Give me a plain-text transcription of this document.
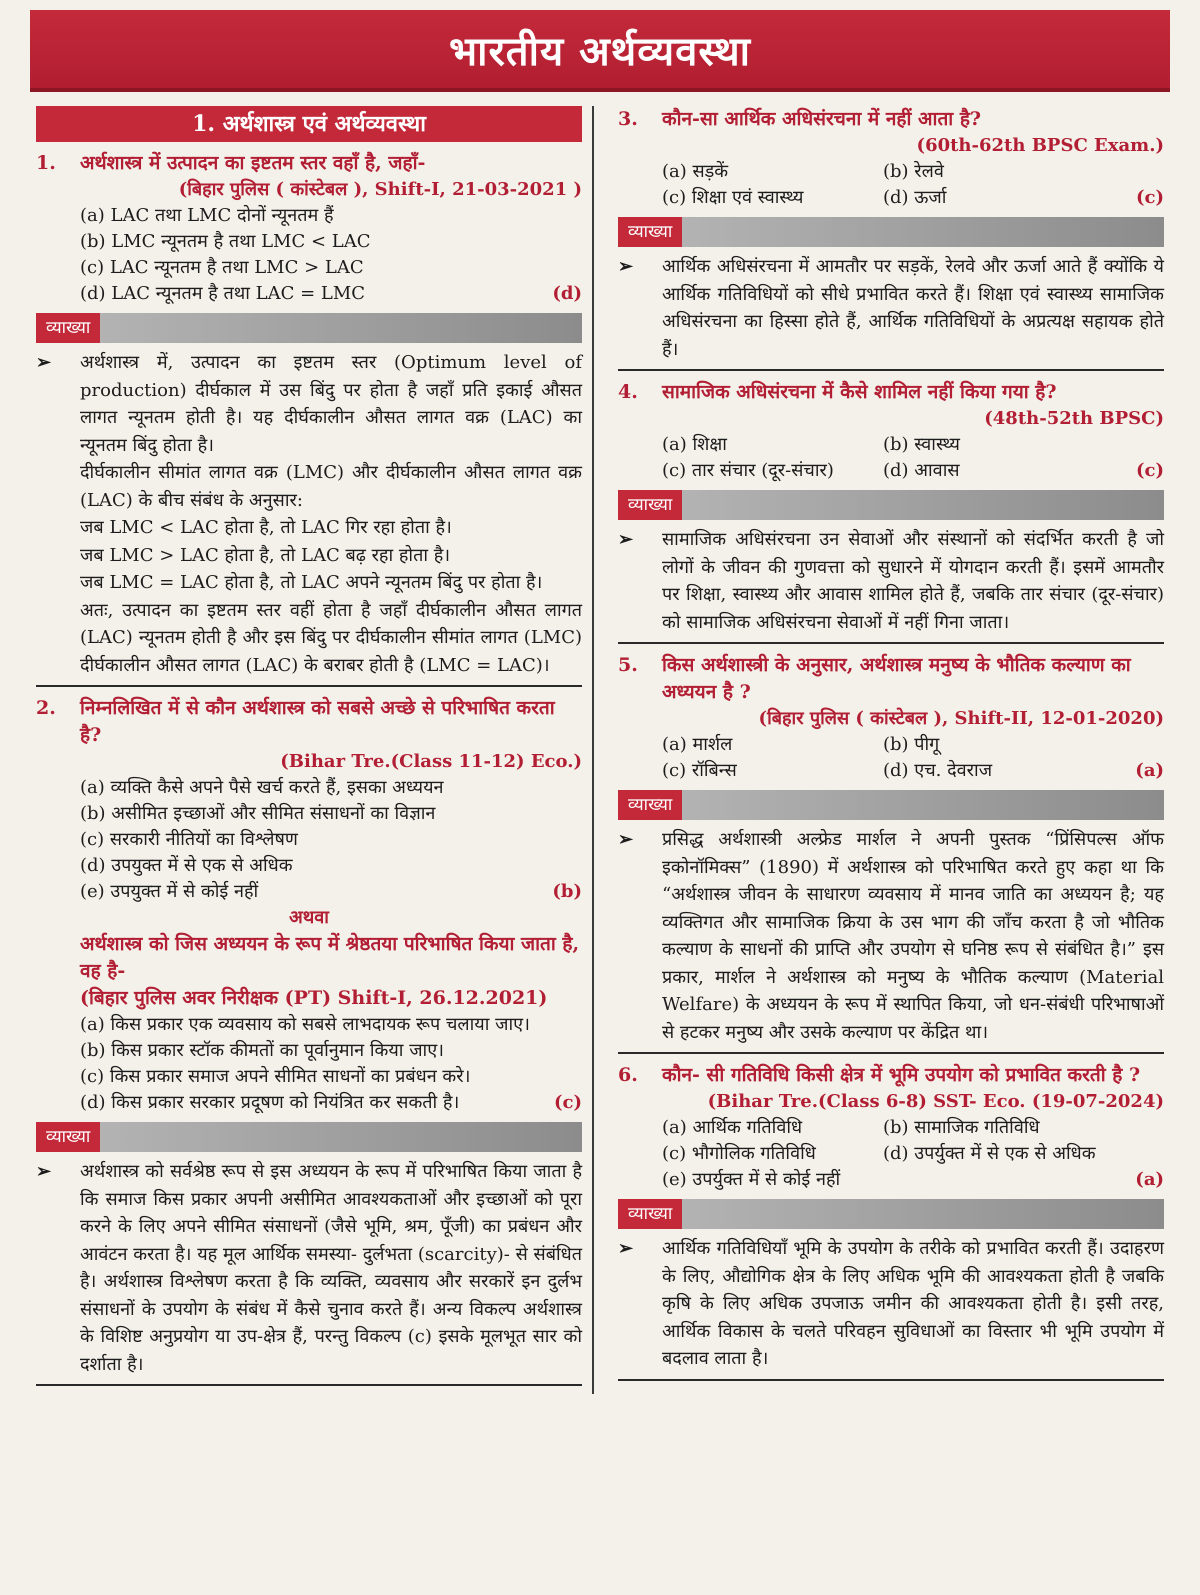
भारतीय अर्थव्यवस्था
1. अर्थशास्त्र एवं अर्थव्यवस्था
1.	अर्थशास्त्र में उत्पादन का इष्टतम स्तर वहाँ है, जहाँ-
(बिहार पुलिस ( कांस्टेबल ), Shift-I, 21-03-2021 )
(a) LAC तथा LMC दोनों न्यूनतम हैं
(b) LMC न्यूनतम है तथा LMC < LAC
(c) LAC न्यूनतम है तथा LMC > LAC
(d) LAC न्यूनतम है तथा LAC = LMC	(d)
व्याख्या
➢	अर्थशास्त्र में, उत्पादन का इष्टतम स्तर (Optimum level of production) दीर्घकाल में उस बिंदु पर होता है जहाँ प्रति इकाई औसत लागत न्यूनतम होती है। यह दीर्घकालीन औसत लागत वक्र (LAC) का न्यूनतम बिंदु होता है।
दीर्घकालीन सीमांत लागत वक्र (LMC) और दीर्घकालीन औसत लागत वक्र (LAC) के बीच संबंध के अनुसार:
जब LMC < LAC होता है, तो LAC गिर रहा होता है।
जब LMC > LAC होता है, तो LAC बढ़ रहा होता है।
जब LMC = LAC होता है, तो LAC अपने न्यूनतम बिंदु पर होता है।
अतः, उत्पादन का इष्टतम स्तर वहीं होता है जहाँ दीर्घकालीन औसत लागत (LAC) न्यूनतम होती है और इस बिंदु पर दीर्घकालीन सीमांत लागत (LMC) दीर्घकालीन औसत लागत (LAC) के बराबर होती है (LMC = LAC)।
2.	निम्नलिखित में से कौन अर्थशास्त्र को सबसे अच्छे से परिभाषित करता है?
(Bihar Tre.(Class 11-12) Eco.)
(a) व्यक्ति कैसे अपने पैसे खर्च करते हैं, इसका अध्ययन
(b) असीमित इच्छाओं और सीमित संसाधनों का विज्ञान
(c) सरकारी नीतियों का विश्लेषण
(d) उपयुक्त में से एक से अधिक
(e) उपयुक्त में से कोई नहीं	(b)
अथवा
अर्थशास्त्र को जिस अध्ययन के रूप में श्रेष्ठतया परिभाषित किया जाता है, वह है-
(बिहार पुलिस अवर निरीक्षक (PT) Shift-I, 26.12.2021)
(a) किस प्रकार एक व्यवसाय को सबसे लाभदायक रूप चलाया जाए।
(b) किस प्रकार स्टॉक कीमतों का पूर्वानुमान किया जाए।
(c) किस प्रकार समाज अपने सीमित साधनों का प्रबंधन करे।
(d) किस प्रकार सरकार प्रदूषण को नियंत्रित कर सकती है।	(c)
व्याख्या
➢	अर्थशास्त्र को सर्वश्रेष्ठ रूप से इस अध्ययन के रूप में परिभाषित किया जाता है कि समाज किस प्रकार अपनी असीमित आवश्यकताओं और इच्छाओं को पूरा करने के लिए अपने सीमित संसाधनों (जैसे भूमि, श्रम, पूँजी) का प्रबंधन और आवंटन करता है। यह मूल आर्थिक समस्या- दुर्लभता (scarcity)- से संबंधित है। अर्थशास्त्र विश्लेषण करता है कि व्यक्ति, व्यवसाय और सरकारें इन दुर्लभ संसाधनों के उपयोग के संबंध में कैसे चुनाव करते हैं। अन्य विकल्प अर्थशास्त्र के विशिष्ट अनुप्रयोग या उप-क्षेत्र हैं, परन्तु विकल्प (c) इसके मूलभूत सार को दर्शाता है।
3.	कौन-सा आर्थिक अधिसंरचना में नहीं आता है?
(60th-62th BPSC Exam.)
(a) सड़कें	(b) रेलवे
(c) शिक्षा एवं स्वास्थ्य	(d) ऊर्जा	(c)
व्याख्या
➢	आर्थिक अधिसंरचना में आमतौर पर सड़कें, रेलवे और ऊर्जा आते हैं क्योंकि ये आर्थिक गतिविधियों को सीधे प्रभावित करते हैं। शिक्षा एवं स्वास्थ्य सामाजिक अधिसंरचना का हिस्सा होते हैं, आर्थिक गतिविधियों के अप्रत्यक्ष सहायक होते हैं।
4.	सामाजिक अधिसंरचना में कैसे शामिल नहीं किया गया है?
(48th-52th BPSC)
(a) शिक्षा	(b) स्वास्थ्य
(c) तार संचार (दूर-संचार)	(d) आवास	(c)
व्याख्या
➢	सामाजिक अधिसंरचना उन सेवाओं और संस्थानों को संदर्भित करती है जो लोगों के जीवन की गुणवत्ता को सुधारने में योगदान करती हैं। इसमें आमतौर पर शिक्षा, स्वास्थ्य और आवास शामिल होते हैं, जबकि तार संचार (दूर-संचार) को सामाजिक अधिसंरचना सेवाओं में नहीं गिना जाता।
5.	किस अर्थशास्त्री के अनुसार, अर्थशास्त्र मनुष्य के भौतिक कल्याण का अध्ययन है ?
(बिहार पुलिस ( कांस्टेबल ), Shift-II, 12-01-2020)
(a) मार्शल	(b) पीगू
(c) रॉबिन्स	(d) एच. देवराज	(a)
व्याख्या
➢	प्रसिद्ध अर्थशास्त्री अल्फ्रेड मार्शल ने अपनी पुस्तक “प्रिंसिपल्स ऑफ इकोनॉमिक्स” (1890) में अर्थशास्त्र को परिभाषित करते हुए कहा था कि “अर्थशास्त्र जीवन के साधारण व्यवसाय में मानव जाति का अध्ययन है; यह व्यक्तिगत और सामाजिक क्रिया के उस भाग की जाँच करता है जो भौतिक कल्याण के साधनों की प्राप्ति और उपयोग से घनिष्ठ रूप से संबंधित है।” इस प्रकार, मार्शल ने अर्थशास्त्र को मनुष्य के भौतिक कल्याण (Material Welfare) के अध्ययन के रूप में स्थापित किया, जो धन-संबंधी परिभाषाओं से हटकर मनुष्य और उसके कल्याण पर केंद्रित था।
6.	कौन- सी गतिविधि किसी क्षेत्र में भूमि उपयोग को प्रभावित करती है ?
(Bihar Tre.(Class 6-8) SST- Eco. (19-07-2024)
(a) आर्थिक गतिविधि	(b) सामाजिक गतिविधि
(c) भौगोलिक गतिविधि	(d) उपर्युक्त में से एक से अधिक
(e) उपर्युक्त में से कोई नहीं	(a)
व्याख्या
➢	आर्थिक गतिविधियाँ भूमि के उपयोग के तरीके को प्रभावित करती हैं। उदाहरण के लिए, औद्योगिक क्षेत्र के लिए अधिक भूमि की आवश्यकता होती है जबकि कृषि के लिए अधिक उपजाऊ जमीन की आवश्यकता होती है। इसी तरह, आर्थिक विकास के चलते परिवहन सुविधाओं का विस्तार भी भूमि उपयोग में बदलाव लाता है।
